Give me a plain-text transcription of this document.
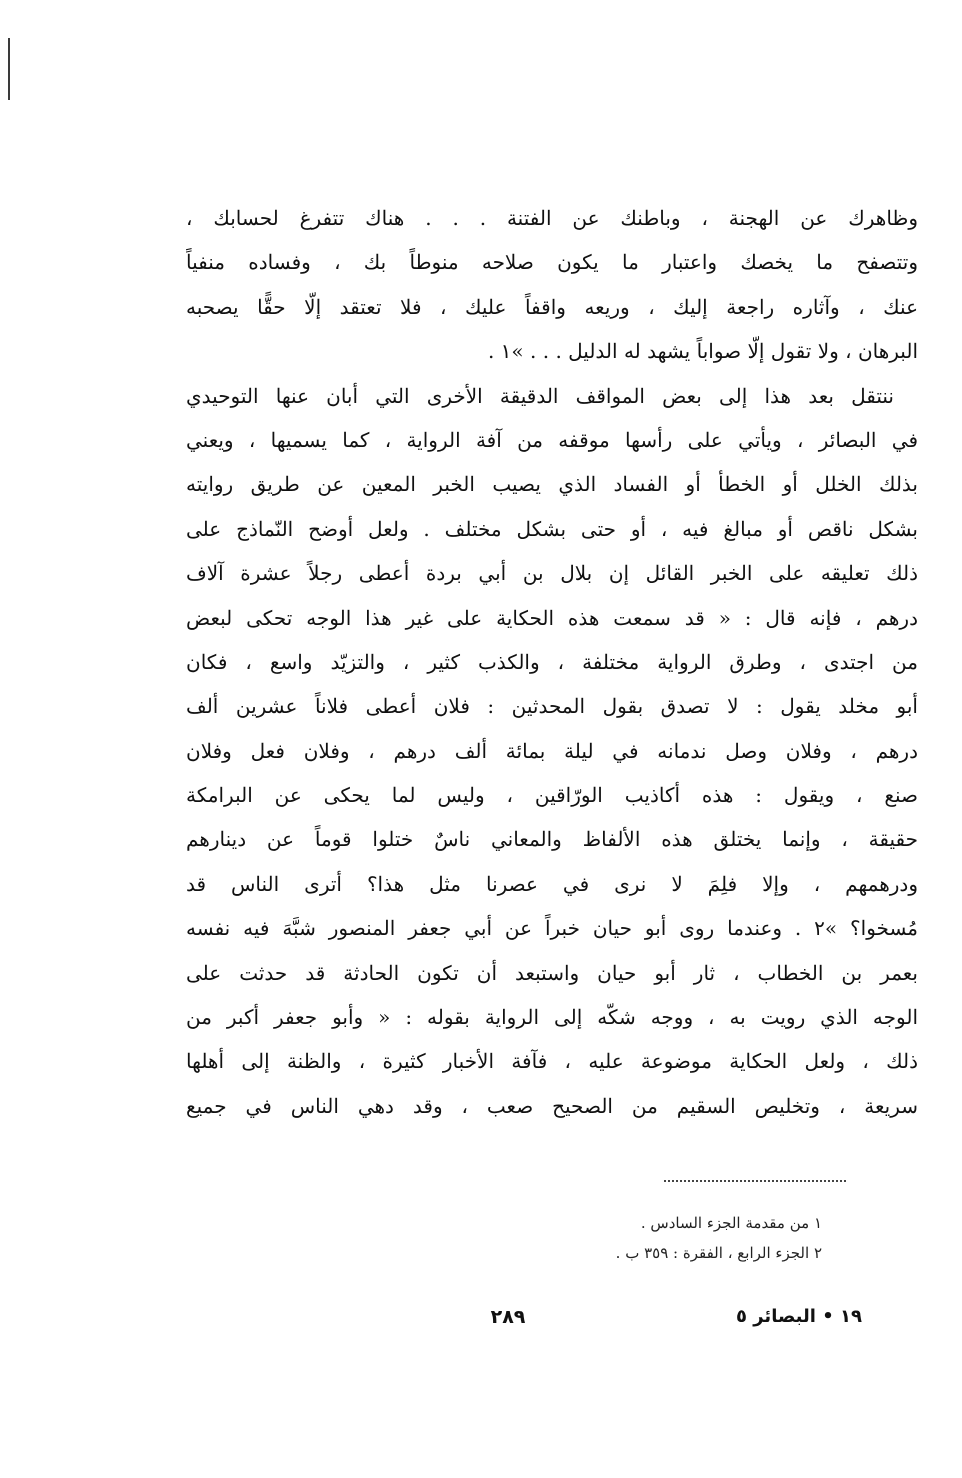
وظاهرك عن الهجنة ، وباطنك عن الفتنة . . . هناك تتفرغ لحسابك ،
وتتصفح ما يخصك واعتبار ما يكون صلاحه منوطاً بك ، وفساده منفياً
عنك ، وآثاره راجعة إليك ، وريعه واقفاً عليك ، فلا تعتقد إلّا حقًّا يصحبه
البرهان ، ولا تقول إلّا صواباً يشهد له الدليل . . . »١ .
ننتقل بعد هذا إلى بعض المواقف الدقيقة الأخرى التي أبان عنها التوحيدي
في البصائر ، ويأتي على رأسها موقفه من آفة الرواية ، كما يسميها ، ويعني
بذلك الخلل أو الخطأ أو الفساد الذي يصيب الخبر المعين عن طريق روايته
بشكل ناقص أو مبالغ فيه ، أو حتى بشكل مختلف . ولعل أوضح النّماذج على
ذلك تعليقه على الخبر القائل إن بلال بن أبي بردة أعطى رجلاً عشرة آلاف
درهم ، فإنه قال : « قد سمعت هذه الحكاية على غير هذا الوجه تحكى لبعض
من اجتدى ، وطرق الرواية مختلفة ، والكذب كثير ، والتزيّد واسع ، فكان
أبو مخلد يقول : لا تصدق بقول المحدثين : فلان أعطى فلاناً عشرين ألف
درهم ، وفلان وصل ندمانه في ليلة بمائة ألف درهم ، وفلان فعل وفلان
صنع ، ويقول : هذه أكاذيب الورّاقين ، وليس لما يحكى عن البرامكة
حقيقة ، وإنما يختلق هذه الألفاظ والمعاني ناسٌ ختلوا قوماً عن دينارهم
ودرهمهم ، وإلا فلِمَ لا نرى في عصرنا مثل هذا؟ أترى الناس قد
مُسخوا؟ »٢ . وعندما روى أبو حيان خبراً عن أبي جعفر المنصور شبَّهَ فيه نفسه
بعمر بن الخطاب ، ثار أبو حيان واستبعد أن تكون الحادثة قد حدثت على
الوجه الذي رويت به ، ووجه شكّه إلى الرواية بقوله : « وأبو جعفر أكبر من
ذلك ، ولعل الحكاية موضوعة عليه ، فآفة الأخبار كثيرة ، والظنة إلى أهلها
سريعة ، وتخليص السقيم من الصحيح صعب ، وقد دهي الناس في جميع
١ من مقدمة الجزء السادس .
٢ الجزء الرابع ، الفقرة : ٣٥٩ ب .
٢٨٩	١٩ • البصائر ٥
